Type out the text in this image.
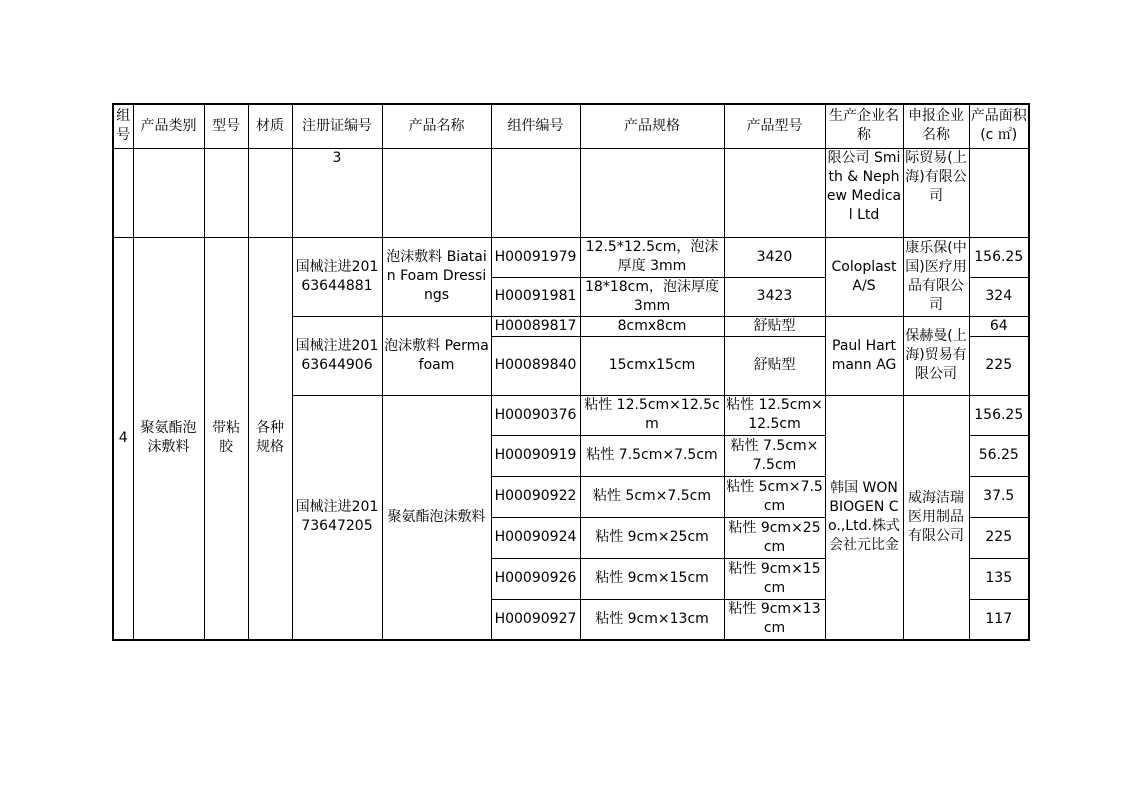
组号	产品类别	型号	材质	注册证编号	产品名称	组件编号	产品规格	产品型号	生产企业名称	申报企业名称	产品面积(c ㎡)
				3					限公司 Smith & Nephew Medical Ltd	际贸易(上海)有限公司	
4	聚氨酯泡沫敷料	带粘胶	各种规格	国械注进20163644881	泡沫敷料 Biatain Foam Dressings	H00091979	12.5*12.5cm，泡沫厚度 3mm	3420	Coloplast A/S	康乐保(中国)医疗用品有限公司	156.25
						H00091981	18*18cm，泡沫厚度 3mm	3423			324
				国械注进20163644906	泡沫敷料 Permafoam	H00089817	8cmx8cm	舒贴型	Paul Hartmann AG	保赫曼(上海)贸易有限公司	64
						H00089840	15cmx15cm	舒贴型			225
				国械注进20173647205	聚氨酯泡沫敷料	H00090376	粘性 12.5cm×12.5cm	粘性 12.5cm×12.5cm	韩国 WONBIOGEN Co.,Ltd.株式会社元比金	威海洁瑞医用制品有限公司	156.25
						H00090919	粘性 7.5cm×7.5cm	粘性 7.5cm×7.5cm			56.25
						H00090922	粘性 5cm×7.5cm	粘性 5cm×7.5cm			37.5
						H00090924	粘性 9cm×25cm	粘性 9cm×25cm			225
						H00090926	粘性 9cm×15cm	粘性 9cm×15cm			135
						H00090927	粘性 9cm×13cm	粘性 9cm×13cm			117
